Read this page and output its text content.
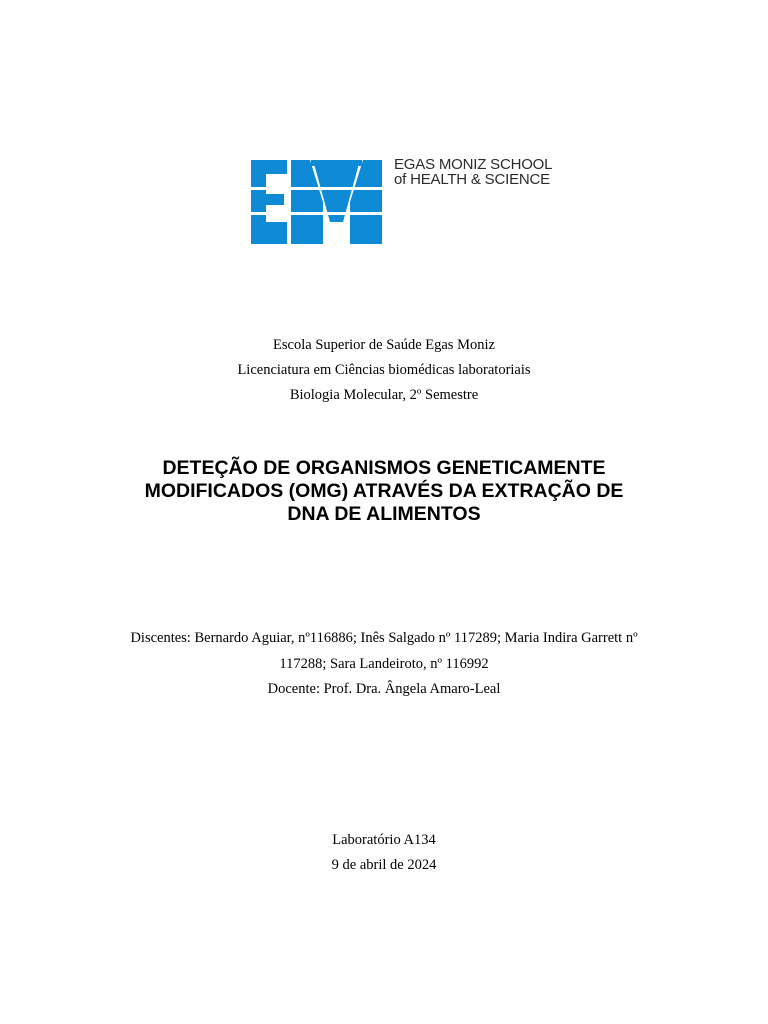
EGAS MONIZ SCHOOL
of HEALTH & SCIENCE
Escola Superior de Saúde Egas Moniz
Licenciatura em Ciências biomédicas laboratoriais
Biologia Molecular, 2º Semestre
DETEÇÃO DE ORGANISMOS GENETICAMENTE
MODIFICADOS (OMG) ATRAVÉS DA EXTRAÇÃO DE
DNA DE ALIMENTOS
Discentes: Bernardo Aguiar, nº116886; Inês Salgado nº 117289; Maria Indira Garrett nº
117288; Sara Landeiroto, nº 116992
Docente: Prof. Dra. Ângela Amaro-Leal
Laboratório A134
9 de abril de 2024
